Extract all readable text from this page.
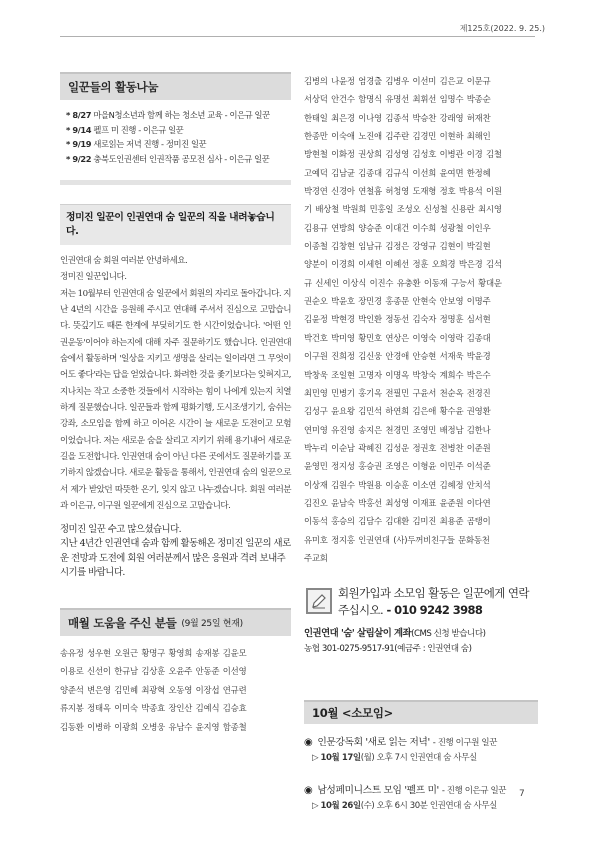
제125호(2022. 9. 25.)
일꾼들의 활동나눔
* 8/27 마을N청소년과 함께 하는 청소년 교육 - 이은규 일꾼
* 9/14 펠프 미 진행 - 이은규 일꾼
* 9/19 새로읽는 저녁 진행 - 정미진 일꾼
* 9/22 충북도인권센터 인권작품 공모전 심사 - 이은규 일꾼
정미진 일꾼이 인권연대 숨 일꾼의 직을 내려놓습니다.

인권연대 숨 회원 여러분 안녕하세요.

정미진 일꾼입니다.

저는 10월부터 인권연대 숨 일꾼에서 회원의 자리로 돌아갑니다. 지난 4년의 시간을 응원해 주시고 연대해 주셔서 진심으로 고맙습니다. 뜻깊기도 때론 한계에 부딪히기도 한 시간이었습니다. '어떤 인권운동'이어야 하는지에 대해 자주 질문하기도 했습니다. 인권연대 숨에서 활동하며 '일상을 지키고 생명을 살리는 일이라면 그 무엇이어도 좋다'라는 답을 얻었습니다. 화려한 것을 좇기보다는 잊혀지고, 지나치는 작고 소중한 것들에서 시작하는 힘이 나에게 있는지 치열하게 질문했습니다. 일꾼들과 함께 평화기행, 도시조생기기, 숨쉬는 강좌, 소모임을 함께 하고 이어온 시간이 늘 새로운 도전이고 모험이었습니다. 저는 새로운 숨을 살리고 지키기 위해 용기내어 새로운 길을 도전합니다. 인권연대 숨이 아닌 다른 곳에서도 질문하기를 포기하지 않겠습니다. 새로운 활동을 통해서, 인권연대 숨의 일꾼으로서 제가 받았던 따뜻한 온기, 잊지 않고 나누겠습니다. 회원 여러분과 이은규, 이구원 일꾼에게 진심으로 고맙습니다.

정미진 일꾼 수고 많으셨습니다.

지난 4년간 인권연대 숨과 함께 활동해온 정미진 일꾼의 새로운 전망과 도전에 회원 여러분께서 많은 응원과 격려 보내주시기를 바랍니다.

매월 도움을 주신 분들 (9월 25일 현재)

송유정 성우현 오원근 황명구 황영희 송재봉 김윤모

이용로 신선이 한규남 김상훈 오윤주 안동준 이선영

양준석 변은영 김민혜 최광혁 오동영 이장섭 연규련

류지봉 정태옥 이미숙 박종효 장인산 김예식 김승효

김동환 이병하 이광희 오병웅 유남수 윤지영 함종철

김병의 나윤정 엄경출 김병우 이선미 김은교 이문규

서상덕 안건수 함명식 유명선 최휘선 임명수 박종순

한태일 최은경 이나영 김종석 박승찬 강래영 허재찬

한종만 이숙애 노진애 김주란 김경민 이현하 최해인

방현철 이화정 권상희 김성영 김성호 이병관 이경 김철

고예덕 김남균 김종대 김규식 이선희 윤여면 한정혜

박경연 신경아 연철흠 허청영 도재형 정호 박용석 이원

기 배상철 박원희 민홍일 조성오 신성철 신용란 최시영

김용규 연방희 양승준 이대건 이수희 성광철 이인우

이종철 김창현 임남규 김정은 강영규 김현이 박길현

양분이 이경희 이세헌 이혜선 정훈 오희경 박은경 김석

규 신세인 이상식 이진수 유충환 이동재 구능서 황대운

권순오 박윤호 장민경 홍종문 안현숙 안보영 이명주

김윤정 박현경 박인환 정동선 김숙자 정명훈 심서현

박건호 박미영 황민호 연상은 이영숙 이영락 김종대

이구원 진희정 김신웅 안경애 안승현 서재욱 박윤경

박창욱 조일현 고명자 이명옥 박창숙 계희수 박은수

최민영 민병기 홍기옥 전필민 구윤서 천순옥 전경진

김성구 윤요왕 김민석 하연희 김은애 황수윤 권영환

연미영 유진영 송지은 천경민 조영민 배정남 김한나

박누리 이순남 곽혜진 김성운 정권호 전병찬 이준원

윤영민 정지성 홍승권 조영은 이형윤 이민주 이석준

이상재 김원수 박원용 이승훈 이소연 김혜정 안치석

김진오 윤남숙 박홍선 최성영 이재표 윤준원 이다연

이동석 홍승의 김담수 김대환 김미진 최용준 곰탱이

유미호 정지홍 인권연대 (사)두꺼비친구들 문화동천

주교회

회원가입과 소모임 활동은 일꾼에게 연락 주십시오. - 010 9242 3988
인권연대 '숨' 살림살이 계좌(CMS 신청 받습니다)
농협 301-0275-9517-91(예금주 : 인권연대 숨)
10월 <소모임>
◉ 인문강독회 '새로 읽는 저녁' - 진행 이구원 일꾼
▷ 10월 17일(월) 오후 7시 인권연대 숨 사무실
◉ 남성페미니스트 모임 '펠프 미' - 진행 이은규 일꾼
▷ 10월 26일(수) 오후 6시 30분 인권연대 숨 사무실
7
